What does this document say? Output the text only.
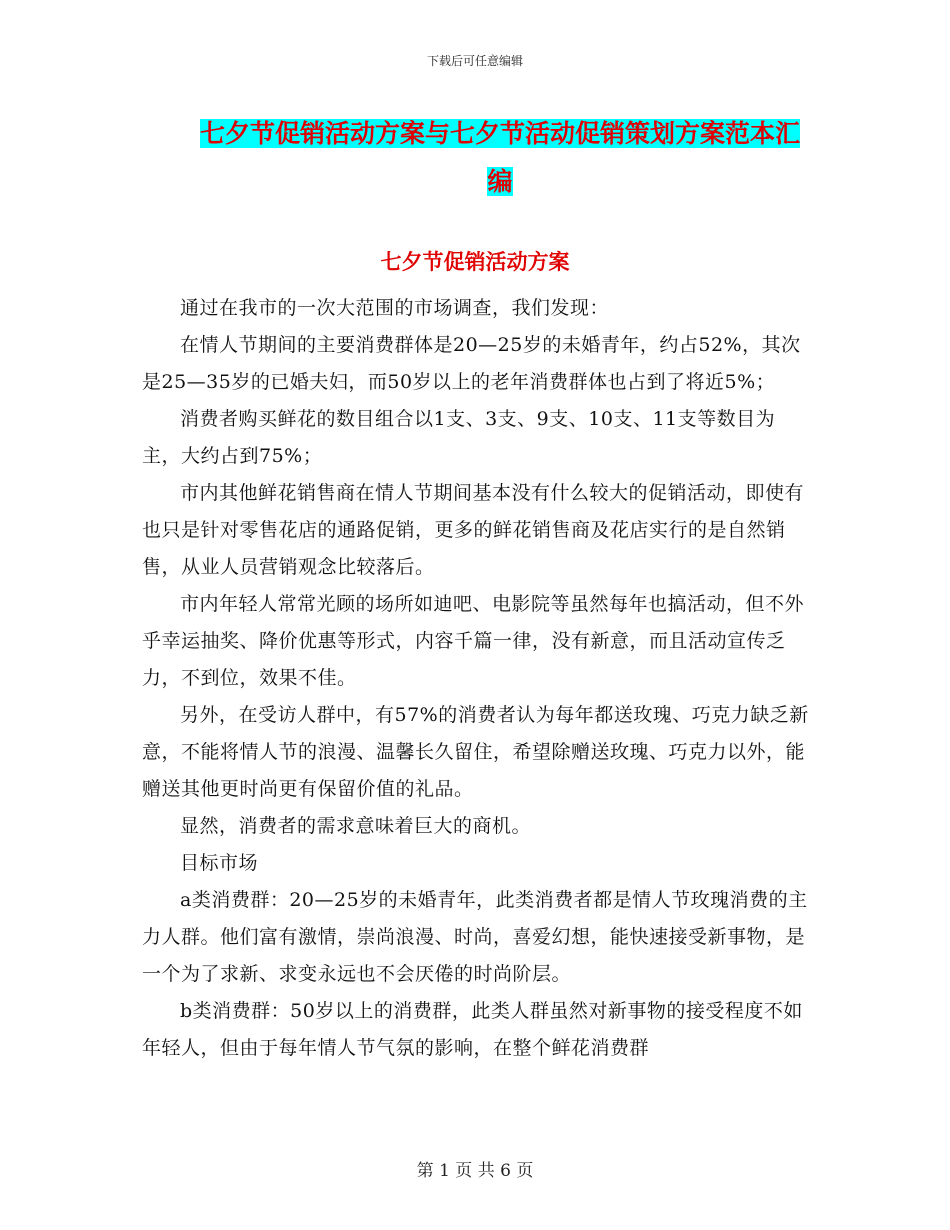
下载后可任意编辑
七夕节促销活动方案与七夕节活动促销策划方案范本汇编
七夕节促销活动方案

通过在我市的一次大范围的市场调查，我们发现：

在情人节期间的主要消费群体是20—25岁的未婚青年，约占52%，其次是25—35岁的已婚夫妇，而50岁以上的老年消费群体也占到了将近5%；

消费者购买鲜花的数目组合以1支、3支、9支、10支、11支等数目为主，大约占到75%；

市内其他鲜花销售商在情人节期间基本没有什么较大的促销活动，即使有也只是针对零售花店的通路促销，更多的鲜花销售商及花店实行的是自然销售，从业人员营销观念比较落后。

市内年轻人常常光顾的场所如迪吧、电影院等虽然每年也搞活动，但不外乎幸运抽奖、降价优惠等形式，内容千篇一律，没有新意，而且活动宣传乏力，不到位，效果不佳。

另外，在受访人群中，有57%的消费者认为每年都送玫瑰、巧克力缺乏新意，不能将情人节的浪漫、温馨长久留住，希望除赠送玫瑰、巧克力以外，能赠送其他更时尚更有保留价值的礼品。

显然，消费者的需求意味着巨大的商机。

目标市场

a类消费群：20—25岁的未婚青年，此类消费者都是情人节玫瑰消费的主力人群。他们富有激情，崇尚浪漫、时尚，喜爱幻想，能快速接受新事物，是一个为了求新、求变永远也不会厌倦的时尚阶层。

b类消费群：50岁以上的消费群，此类人群虽然对新事物的接受程度不如年轻人，但由于每年情人节气氛的影响，在整个鲜花消费群

第 1 页 共 6 页
